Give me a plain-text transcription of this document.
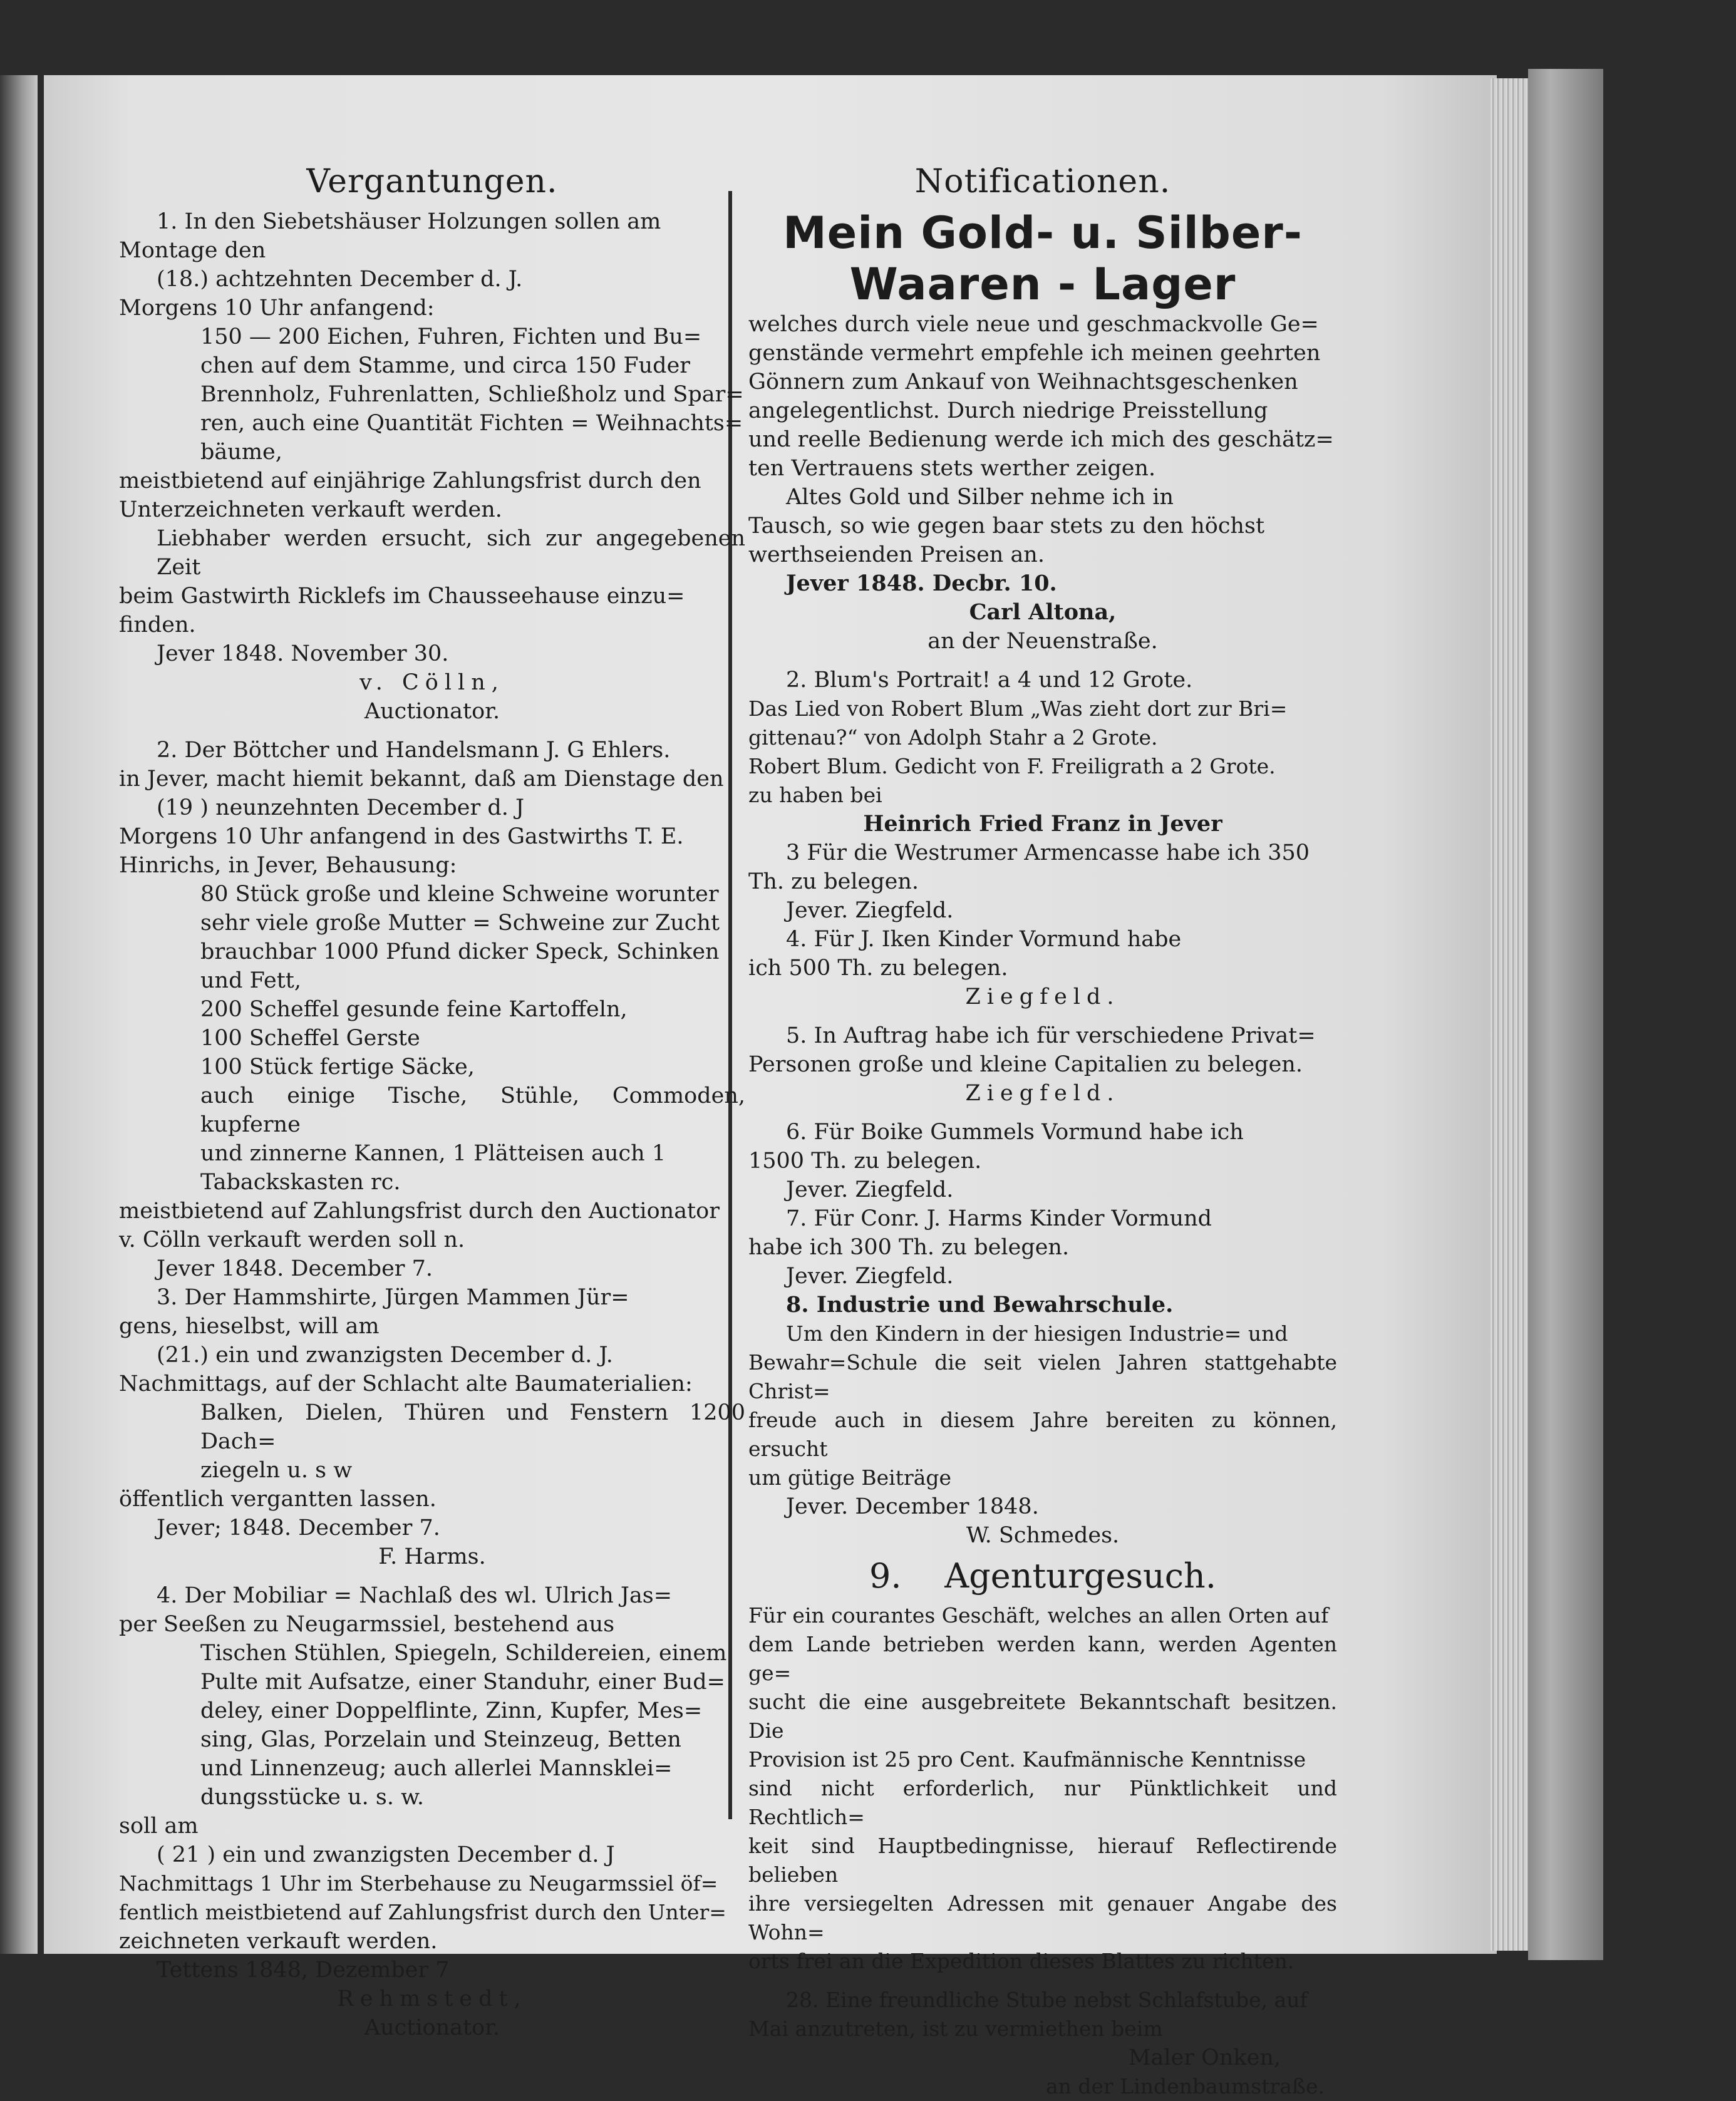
Vergantungen.

1. In den Siebetshäuser Holzungen sollen am

Montage den

(18.) achtzehnten December d. J.

Morgens 10 Uhr anfangend:

150 — 200 Eichen, Fuhren, Fichten und Bu=

chen auf dem Stamme, und circa 150 Fuder

Brennholz, Fuhrenlatten, Schließholz und Spar=

ren, auch eine Quantität Fichten = Weihnachts=

bäume,

meistbietend auf einjährige Zahlungsfrist durch den

Unterzeichneten verkauft werden.

Liebhaber werden ersucht, sich zur angegebenen Zeit

beim Gastwirth Ricklefs im Chausseehause einzu=

finden.

Jever 1848. November 30.

v. Cölln,

Auctionator.

2. Der Böttcher und Handelsmann J. G Ehlers.

in Jever, macht hiemit bekannt, daß am Dienstage den

(19 ) neunzehnten December d. J

Morgens 10 Uhr anfangend in des Gastwirths T. E.

Hinrichs, in Jever, Behausung:

80 Stück große und kleine Schweine worunter

sehr viele große Mutter = Schweine zur Zucht

brauchbar 1000 Pfund dicker Speck, Schinken

und Fett,

200 Scheffel gesunde feine Kartoffeln,

100 Scheffel Gerste

100 Stück fertige Säcke,

auch einige Tische, Stühle, Commoden, kupferne

und zinnerne Kannen, 1 Plätteisen auch 1

Tabackskasten rc.

meistbietend auf Zahlungsfrist durch den Auctionator

v. Cölln verkauft werden soll n.

Jever 1848. December 7.

3. Der Hammshirte, Jürgen Mammen Jür=

gens, hieselbst, will am

(21.) ein und zwanzigsten December d. J.

Nachmittags, auf der Schlacht alte Baumaterialien:

Balken, Dielen, Thüren und Fenstern 1200 Dach=

ziegeln u. s w

öffentlich vergantten lassen.

Jever; 1848. December 7.

F. Harms.

4. Der Mobiliar = Nachlaß des wl. Ulrich Jas=

per Seeßen zu Neugarmssiel, bestehend aus

Tischen Stühlen, Spiegeln, Schildereien, einem

Pulte mit Aufsatze, einer Standuhr, einer Bud=

deley, einer Doppelflinte, Zinn, Kupfer, Mes=

sing, Glas, Porzelain und Steinzeug, Betten

und Linnenzeug; auch allerlei Mannsklei=

dungsstücke u. s. w.

soll am

( 21 ) ein und zwanzigsten December d. J

Nachmittags 1 Uhr im Sterbehause zu Neugarmssiel öf=

fentlich meistbietend auf Zahlungsfrist durch den Unter=

zeichneten verkauft werden.

Tettens 1848, Dezember 7

Rehmstedt,

Auctionator.

Notificationen.

Mein Gold- u. Silber-

Waaren - Lager

welches durch viele neue und geschmackvolle Ge=

genstände vermehrt empfehle ich meinen geehrten

Gönnern zum Ankauf von Weihnachtsgeschenken

angelegentlichst. Durch niedrige Preisstellung

und reelle Bedienung werde ich mich des geschätz=

ten Vertrauens stets werther zeigen.

Altes Gold und Silber nehme ich in

Tausch, so wie gegen baar stets zu den höchst

werthseienden Preisen an.

Jever 1848. Decbr. 10.

Carl Altona,

an der Neuenstraße.

2. Blum's Portrait! a 4 und 12 Grote.

Das Lied von Robert Blum „Was zieht dort zur Bri=

gittenau?“ von Adolph Stahr a 2 Grote.

Robert Blum. Gedicht von F. Freiligrath a 2 Grote.

zu haben bei

Heinrich Fried Franz in Jever

3 Für die Westrumer Armencasse habe ich 350

Th. zu belegen.

Jever. Ziegfeld.

4. Für J. Iken Kinder Vormund habe

ich 500 Th. zu belegen.

Ziegfeld.

5. In Auftrag habe ich für verschiedene Privat=

Personen große und kleine Capitalien zu belegen.

Ziegfeld.

6. Für Boike Gummels Vormund habe ich

1500 Th. zu belegen.

Jever. Ziegfeld.

7. Für Conr. J. Harms Kinder Vormund

habe ich 300 Th. zu belegen.

Jever. Ziegfeld.

8. Industrie und Bewahrschule.

Um den Kindern in der hiesigen Industrie= und

Bewahr=Schule die seit vielen Jahren stattgehabte Christ=

freude auch in diesem Jahre bereiten zu können, ersucht

um gütige Beiträge

Jever. December 1848.

W. Schmedes.

9. Agenturgesuch.

Für ein courantes Geschäft, welches an allen Orten auf

dem Lande betrieben werden kann, werden Agenten ge=

sucht die eine ausgebreitete Bekanntschaft besitzen. Die

Provision ist 25 pro Cent. Kaufmännische Kenntnisse

sind nicht erforderlich, nur Pünktlichkeit und Rechtlich=

keit sind Hauptbedingnisse, hierauf Reflectirende belieben

ihre versiegelten Adressen mit genauer Angabe des Wohn=

orts frei an die Expedition dieses Blattes zu richten.

28. Eine freundliche Stube nebst Schlafstube, auf

Mai anzutreten, ist zu vermiethen beim

Maler Onken,

an der Lindenbaumstraße.
